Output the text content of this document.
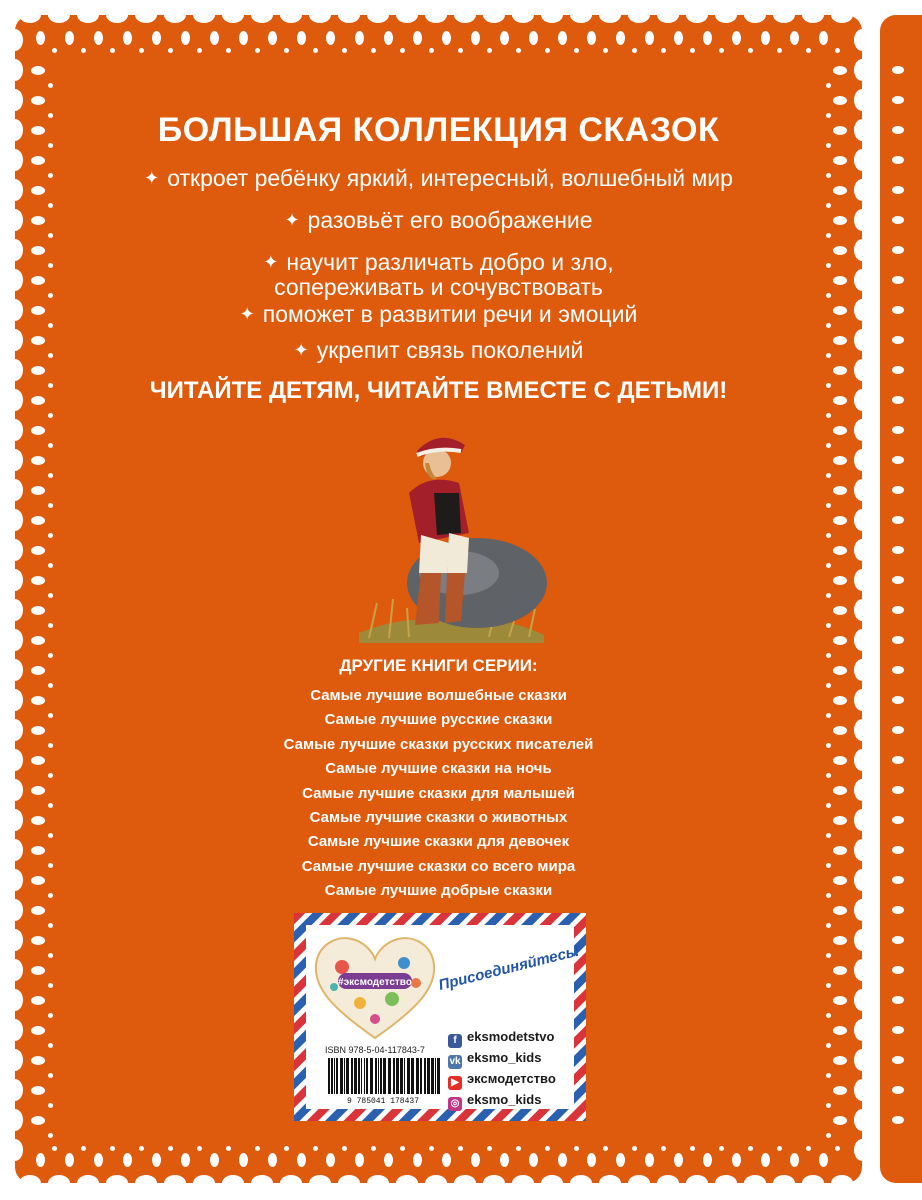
БОЛЬШАЯ КОЛЛЕКЦИЯ СКАЗОК
✦ откроет ребёнку яркий, интересный, волшебный мир
✦ разовьёт его воображение
✦ научит различать добро и зло,
сопереживать и сочувствовать
✦ поможет в развитии речи и эмоций
✦ укрепит связь поколений
ЧИТАЙТЕ ДЕТЯМ, ЧИТАЙТЕ ВМЕСТЕ С ДЕТЬМИ!
ДРУГИЕ КНИГИ СЕРИИ:
Самые лучшие волшебные сказки
Самые лучшие русские сказки
Самые лучшие сказки русских писателей
Самые лучшие сказки на ночь
Самые лучшие сказки для малышей
Самые лучшие сказки о животных
Самые лучшие сказки для девочек
Самые лучшие сказки со всего мира
Самые лучшие добрые сказки
#эксмодетство Присоединяйтесь!
ISBN 978-5-04-117843-7
9 785041 178437
f eksmodetstvo
vk eksmo_kids
▶ эксмодетство
◎ eksmo_kids
